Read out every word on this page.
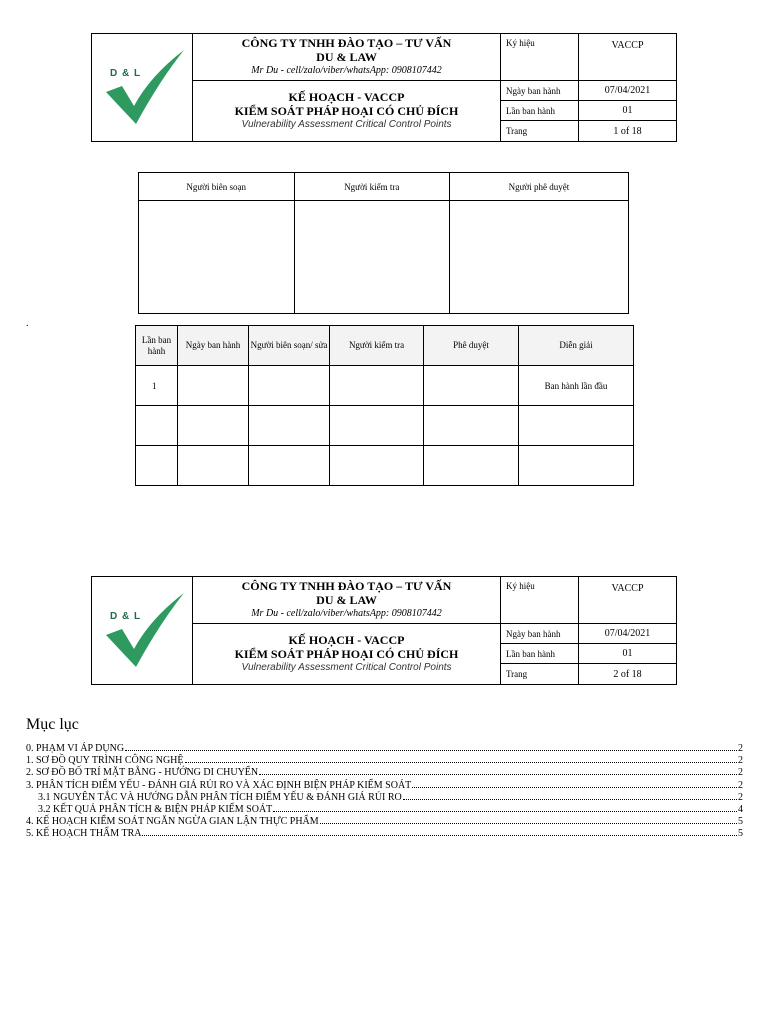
D & L	CÔNG TY TNHH ĐÀO TẠO – TƯ VẤN
DU & LAW
Mr Du - cell/zalo/viber/whatsApp: 0908107442	Ký hiệu	VACCP

	KẾ HOẠCH - VACCP
KIỂM SOÁT PHÁP HOẠI CÓ CHỦ ĐÍCH
Vulnerability Assessment Critical Control Points	Ngày ban hành	07/04/2021
		Lần ban hành	01
		Trang	1 of 18
D & L	CÔNG TY TNHH ĐÀO TẠO – TƯ VẤN
DU & LAW
Mr Du - cell/zalo/viber/whatsApp: 0908107442	Ký hiệu	VACCP

	KẾ HOẠCH - VACCP
KIỂM SOÁT PHÁP HOẠI CÓ CHỦ ĐÍCH
Vulnerability Assessment Critical Control Points	Ngày ban hành	07/04/2021
		Lần ban hành	01
		Trang	2 of 18
Người biên soạn	Người kiểm tra	Người phê duyệt

.
Lần ban hành	Ngày ban hành	Người biên soạn/ sửa	Người kiểm tra	Phê duyệt	Diễn giải
1					Ban hành lần đầu

Mục lục
0. PHẠM VI ÁP DỤNG	2
1. SƠ ĐỒ QUY TRÌNH CÔNG NGHỆ	2
2. SƠ ĐỒ BỐ TRÍ MẶT BẰNG - HƯỚNG DI CHUYỂN	2
3. PHÂN TÍCH ĐIỂM YẾU - ĐÁNH GIÁ RỦI RO VÀ XÁC ĐỊNH BIỆN PHÁP KIỂM SOÁT	2
3.1 NGUYÊN TẮC VÀ HƯỚNG DẪN PHÂN TÍCH ĐIỂM YẾU & ĐÁNH GIÁ RỦI RO	2
3.2 KẾT QUẢ PHÂN TÍCH & BIỆN PHÁP KIỂM SOÁT	4
4. KẾ HOẠCH KIỂM SOÁT NGĂN NGỪA GIAN LẬN THỰC PHẨM	5
5. KẾ HOẠCH THẨM TRA	5
